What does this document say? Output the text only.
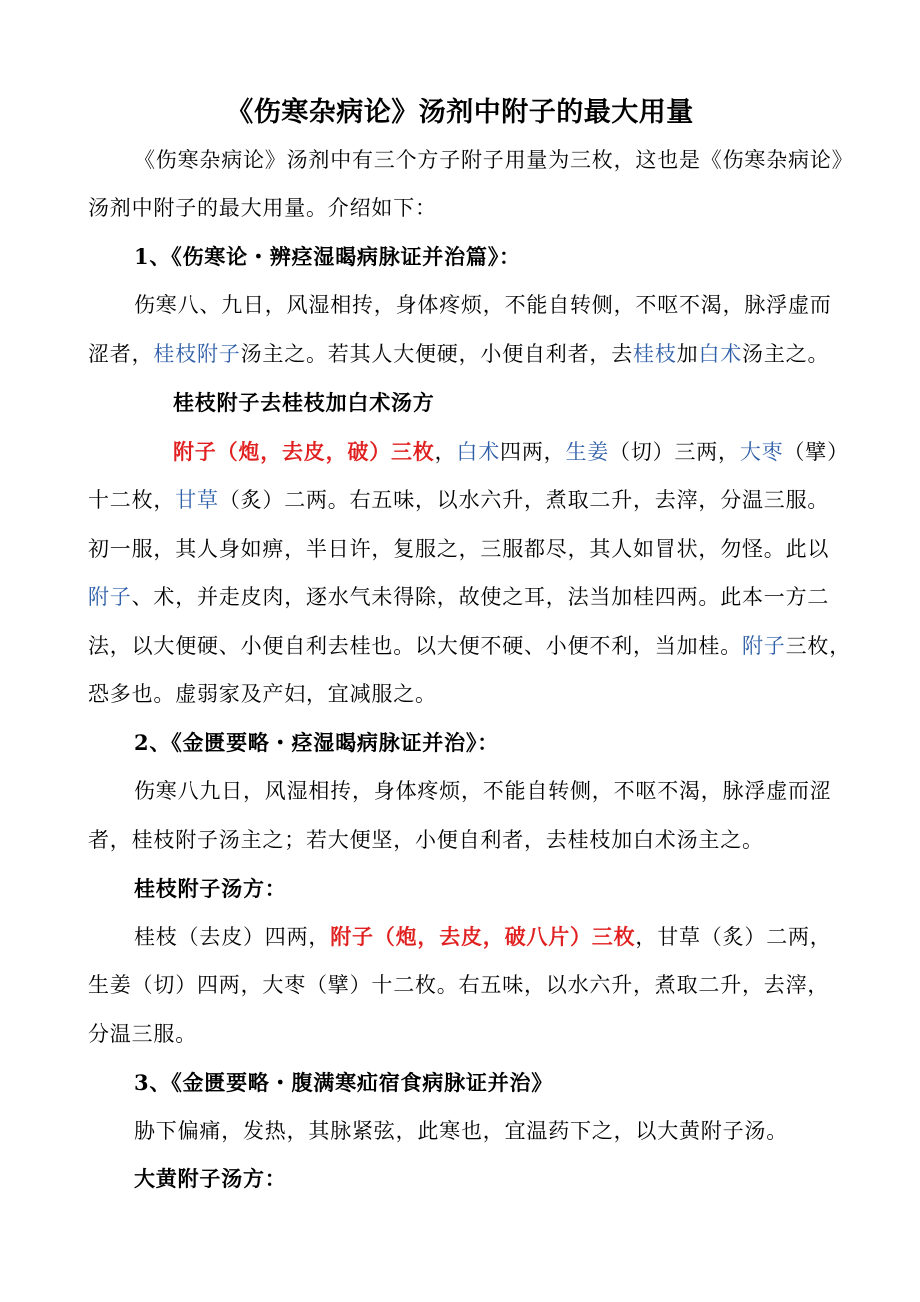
《伤寒杂病论》汤剂中附子的最大用量
《伤寒杂病论》汤剂中有三个方子附子用量为三枚，这也是《伤寒杂病论》
汤剂中附子的最大用量。介绍如下：
1、《伤寒论・辨痉湿暍病脉证并治篇》：
伤寒八、九日，风湿相抟，身体疼烦，不能自转侧，不呕不渴，脉浮虚而
涩者，桂枝附子汤主之。若其人大便硬，小便自利者，去桂枝加白术汤主之。
桂枝附子去桂枝加白术汤方
附子（炮，去皮，破）三枚，白术四两，生姜（切）三两，大枣（擘）
十二枚，甘草（炙）二两。右五味，以水六升，煮取二升，去滓，分温三服。
初一服，其人身如痹，半日许，复服之，三服都尽，其人如冒状，勿怪。此以
附子、术，并走皮肉，逐水气未得除，故使之耳，法当加桂四两。此本一方二
法，以大便硬、小便自利去桂也。以大便不硬、小便不利，当加桂。附子三枚，
恐多也。虚弱家及产妇，宜减服之。
2、《金匮要略・痉湿暍病脉证并治》：
伤寒八九日，风湿相抟，身体疼烦，不能自转侧，不呕不渴，脉浮虚而涩
者，桂枝附子汤主之；若大便坚，小便自利者，去桂枝加白术汤主之。
桂枝附子汤方：
桂枝（去皮）四两，附子（炮，去皮，破八片）三枚，甘草（炙）二两，
生姜（切）四两，大枣（擘）十二枚。右五味，以水六升，煮取二升，去滓，
分温三服。
3、《金匮要略・腹满寒疝宿食病脉证并治》
胁下偏痛，发热，其脉紧弦，此寒也，宜温药下之，以大黄附子汤。
大黄附子汤方：
